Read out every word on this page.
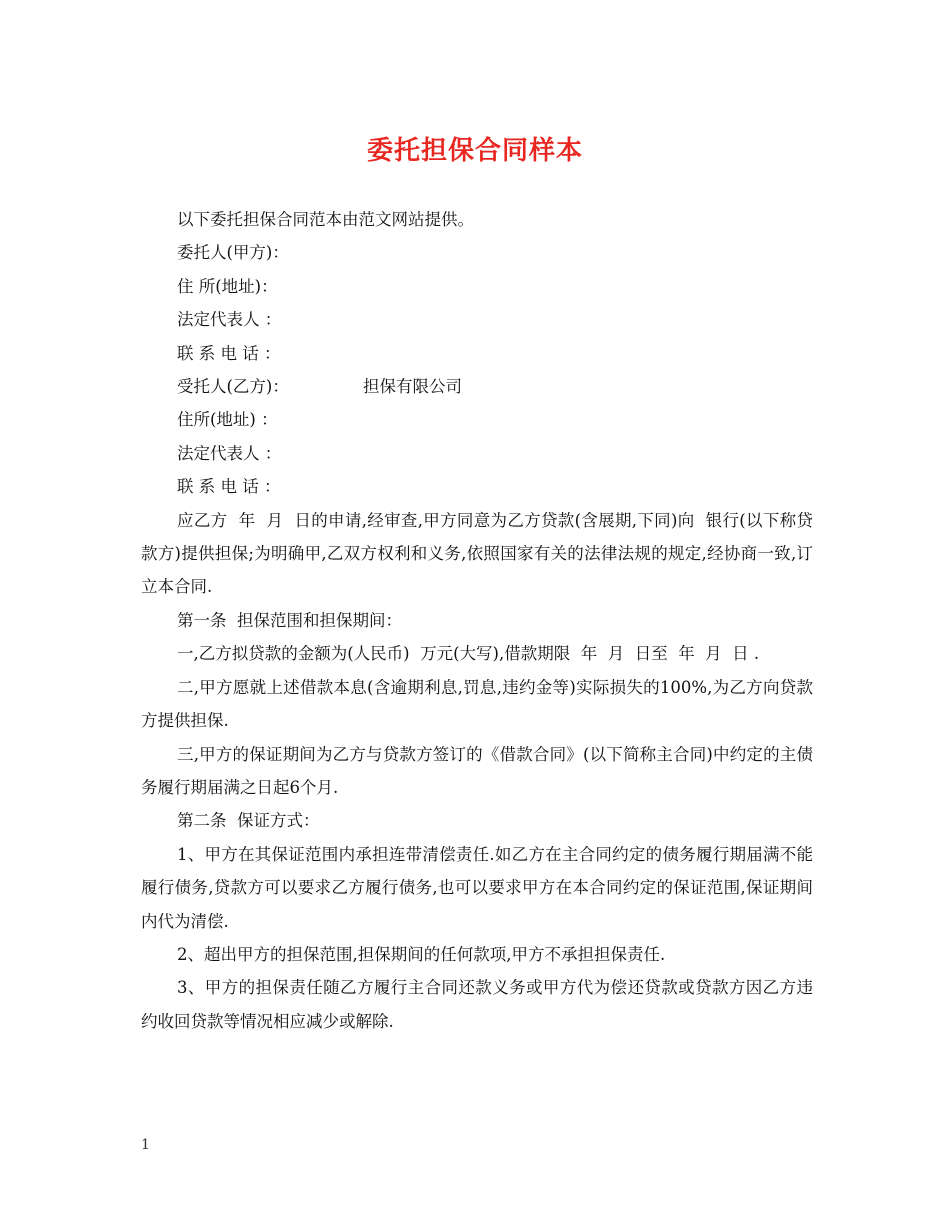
委托担保合同样本

以下委托担保合同范本由范文网站提供。

委托人(甲方)：

住 所(地址)：

法定代表人 ：

联 系 电 话 ：

受托人(乙方)：	担保有限公司

住所(地址) ：

法定代表人 ：

联 系 电 话 ：

应乙方  年  月  日的申请,经审查,甲方同意为乙方贷款(含展期,下同)向  银行(以下称贷款方)提供担保;为明确甲,乙双方权利和义务,依照国家有关的法律法规的规定,经协商一致,订立本合同.

第一条  担保范围和担保期间：

一,乙方拟贷款的金额为(人民币)  万元(大写),借款期限  年  月  日至  年  月  日 .

二,甲方愿就上述借款本息(含逾期利息,罚息,违约金等)实际损失的100%,为乙方向贷款方提供担保.

三,甲方的保证期间为乙方与贷款方签订的《借款合同》(以下简称主合同)中约定的主债务履行期届满之日起6个月.

第二条  保证方式：

1、甲方在其保证范围内承担连带清偿责任.如乙方在主合同约定的债务履行期届满不能履行债务,贷款方可以要求乙方履行债务,也可以要求甲方在本合同约定的保证范围,保证期间内代为清偿.

2、超出甲方的担保范围,担保期间的任何款项,甲方不承担担保责任.

3、甲方的担保责任随乙方履行主合同还款义务或甲方代为偿还贷款或贷款方因乙方违约收回贷款等情况相应减少或解除.

1
